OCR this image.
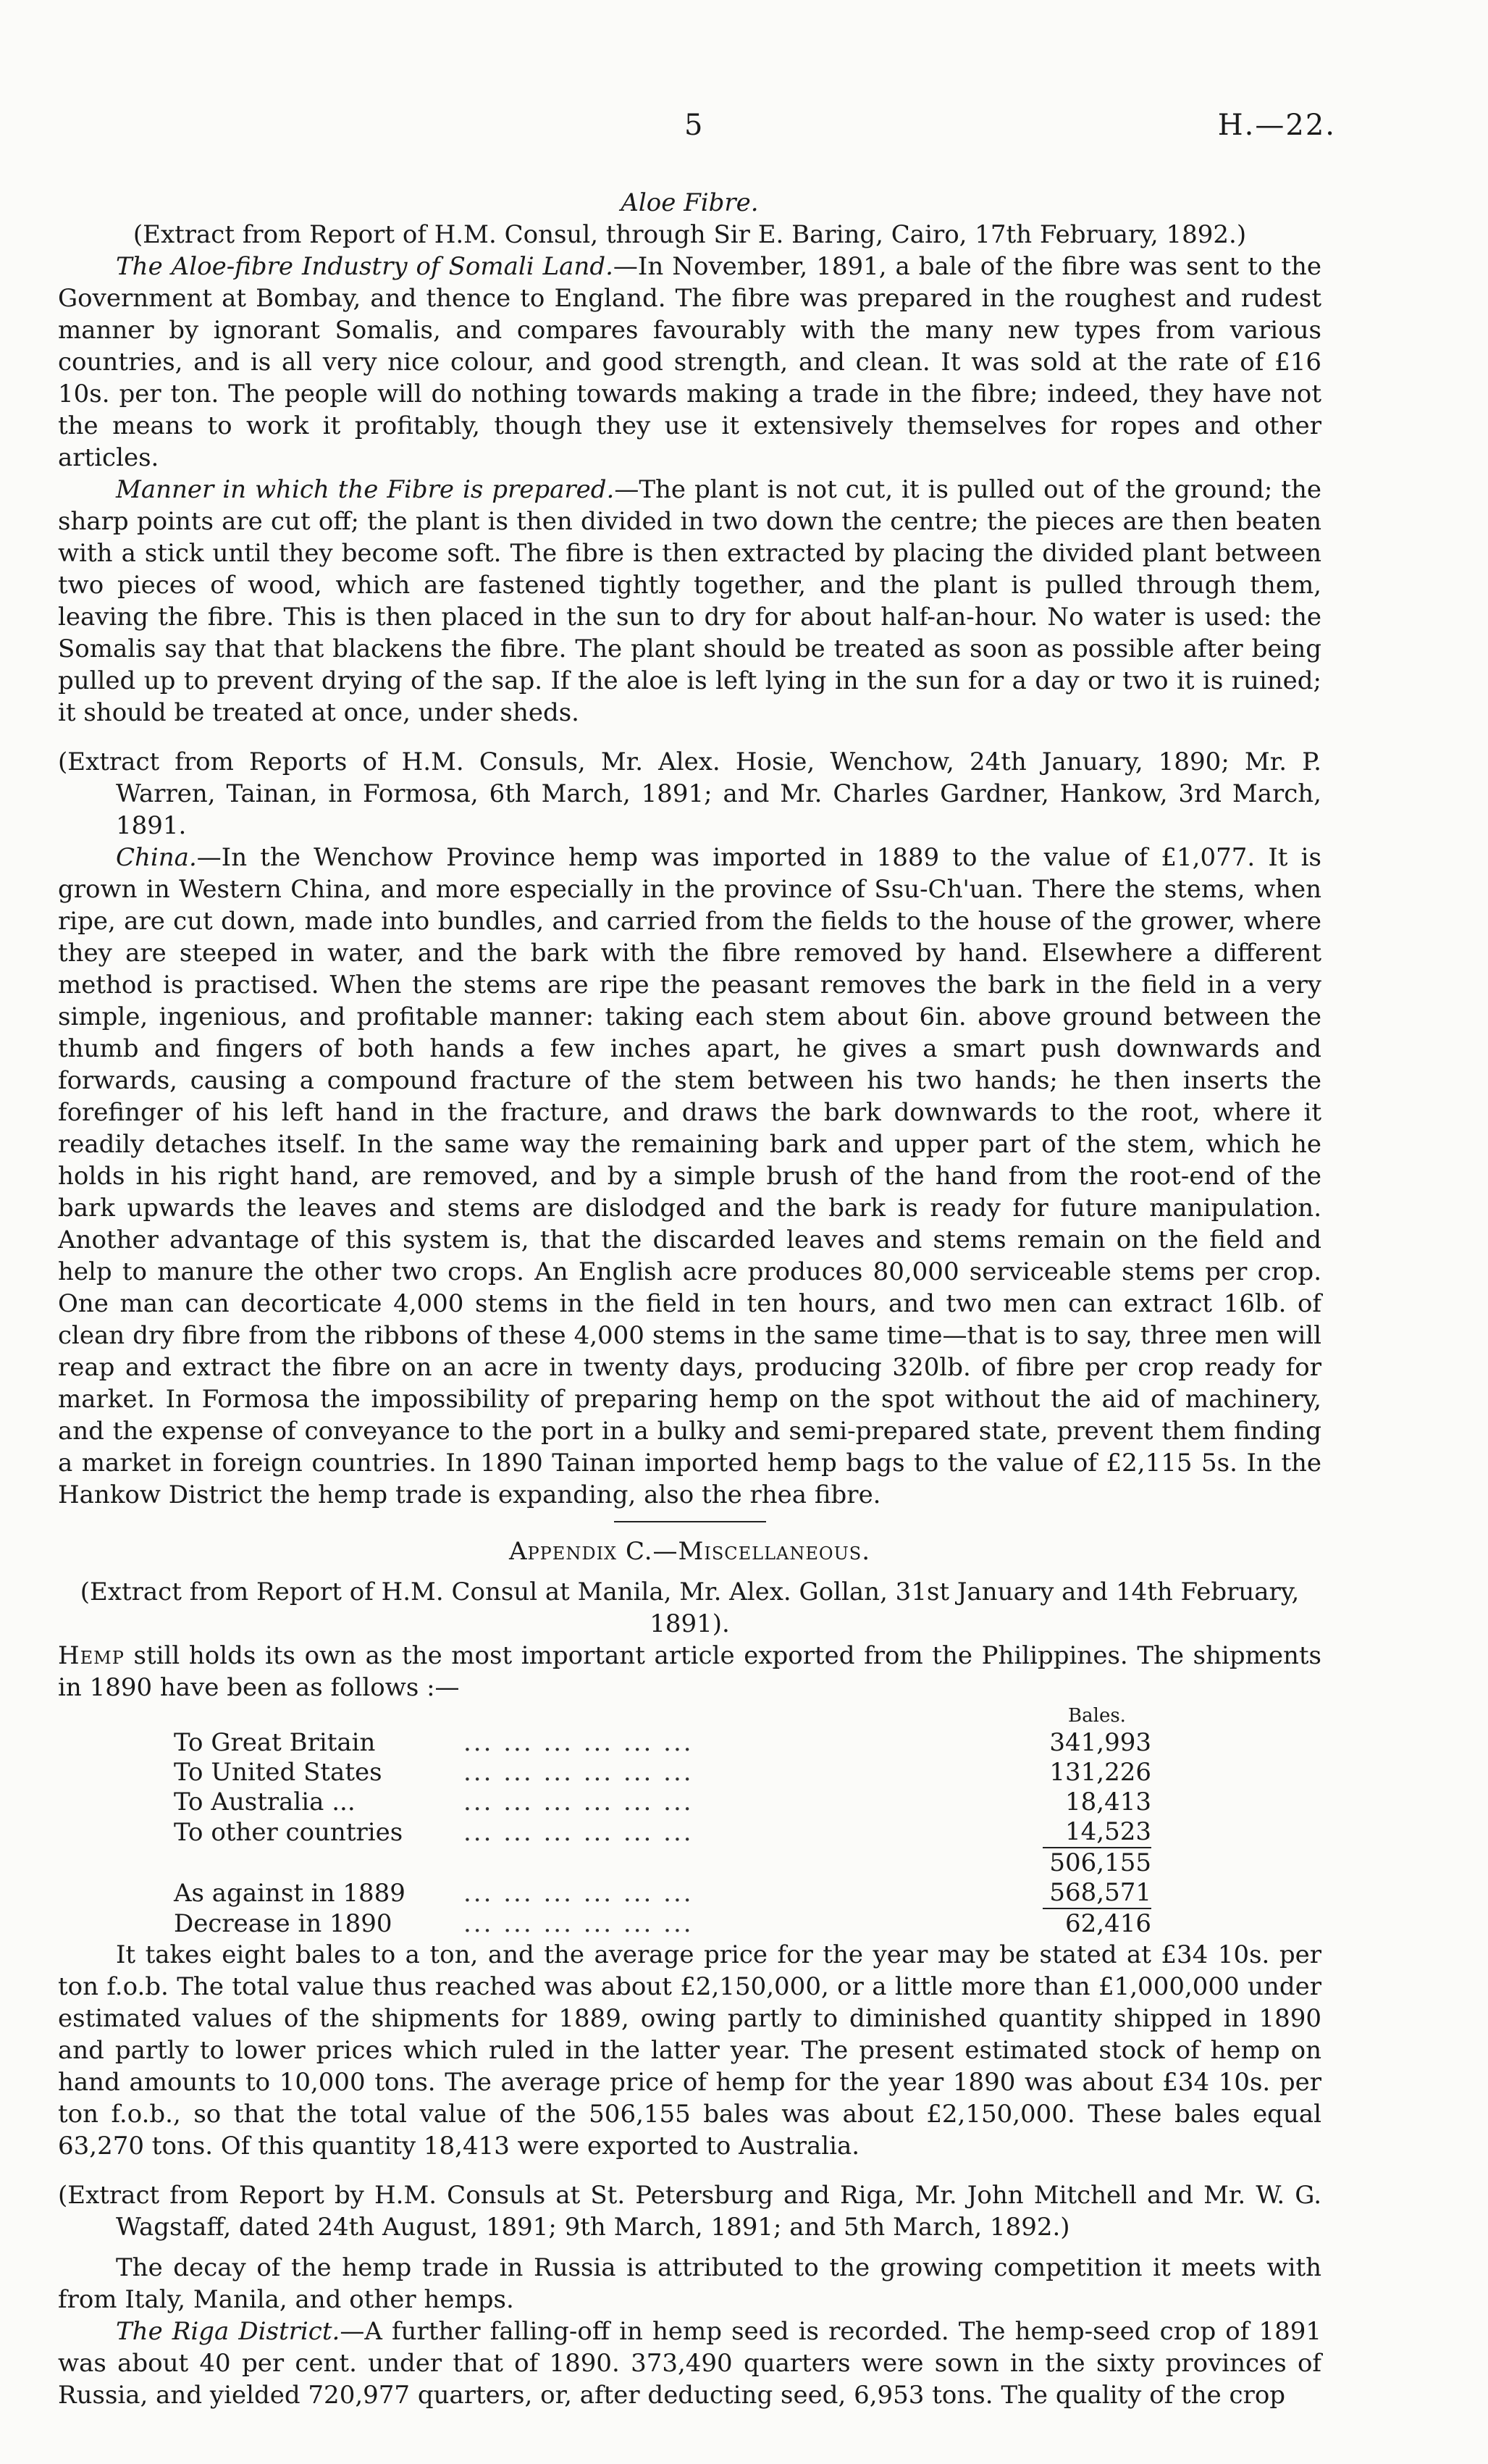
5	H.—22.

Aloe Fibre.

(Extract from Report of H.M. Consul, through Sir E. Baring, Cairo, 17th February, 1892.)

The Aloe-fibre Industry of Somali Land.—In November, 1891, a bale of the fibre was sent to the Government at Bombay, and thence to England. The fibre was prepared in the roughest and rudest manner by ignorant Somalis, and compares favourably with the many new types from various countries, and is all very nice colour, and good strength, and clean. It was sold at the rate of £16 10s. per ton. The people will do nothing towards making a trade in the fibre; indeed, they have not the means to work it profitably, though they use it extensively themselves for ropes and other articles.

Manner in which the Fibre is prepared.—The plant is not cut, it is pulled out of the ground; the sharp points are cut off; the plant is then divided in two down the centre; the pieces are then beaten with a stick until they become soft. The fibre is then extracted by placing the divided plant between two pieces of wood, which are fastened tightly together, and the plant is pulled through them, leaving the fibre. This is then placed in the sun to dry for about half-an-hour. No water is used: the Somalis say that that blackens the fibre. The plant should be treated as soon as possible after being pulled up to prevent drying of the sap. If the aloe is left lying in the sun for a day or two it is ruined; it should be treated at once, under sheds.

(Extract from Reports of H.M. Consuls, Mr. Alex. Hosie, Wenchow, 24th January, 1890; Mr. P. Warren, Tainan, in Formosa, 6th March, 1891; and Mr. Charles Gardner, Hankow, 3rd March, 1891.

China.—In the Wenchow Province hemp was imported in 1889 to the value of £1,077. It is grown in Western China, and more especially in the province of Ssu-Ch'uan. There the stems, when ripe, are cut down, made into bundles, and carried from the fields to the house of the grower, where they are steeped in water, and the bark with the fibre removed by hand. Elsewhere a different method is practised. When the stems are ripe the peasant removes the bark in the field in a very simple, ingenious, and profitable manner: taking each stem about 6in. above ground between the thumb and fingers of both hands a few inches apart, he gives a smart push downwards and forwards, causing a compound fracture of the stem between his two hands; he then inserts the forefinger of his left hand in the fracture, and draws the bark downwards to the root, where it readily detaches itself. In the same way the remaining bark and upper part of the stem, which he holds in his right hand, are removed, and by a simple brush of the hand from the root-end of the bark upwards the leaves and stems are dislodged and the bark is ready for future manipulation. Another advantage of this system is, that the discarded leaves and stems remain on the field and help to manure the other two crops. An English acre produces 80,000 serviceable stems per crop. One man can decorticate 4,000 stems in the field in ten hours, and two men can extract 16lb. of clean dry fibre from the ribbons of these 4,000 stems in the same time—that is to say, three men will reap and extract the fibre on an acre in twenty days, producing 320lb. of fibre per crop ready for market. In Formosa the impossibility of preparing hemp on the spot without the aid of machinery, and the expense of conveyance to the port in a bulky and semi-prepared state, prevent them finding a market in foreign countries. In 1890 Tainan imported hemp bags to the value of £2,115 5s. In the Hankow District the hemp trade is expanding, also the rhea fibre.

Appendix C.—Miscellaneous.

(Extract from Report of H.M. Consul at Manila, Mr. Alex. Gollan, 31st January and 14th February, 1891).

Hemp still holds its own as the most important article exported from the Philippines. The shipments in 1890 have been as follows :—

		Bales.
To Great Britain	... ... ... ... ... ...	341,993
To United States	... ... ... ... ... ...	131,226
To Australia ...	... ... ... ... ... ...	18,413
To other countries	... ... ... ... ... ...	14,523
		506,155
As against in 1889	... ... ... ... ... ...	568,571
Decrease in 1890	... ... ... ... ... ...	62,416

It takes eight bales to a ton, and the average price for the year may be stated at £34 10s. per ton f.o.b. The total value thus reached was about £2,150,000, or a little more than £1,000,000 under estimated values of the shipments for 1889, owing partly to diminished quantity shipped in 1890 and partly to lower prices which ruled in the latter year. The present estimated stock of hemp on hand amounts to 10,000 tons. The average price of hemp for the year 1890 was about £34 10s. per ton f.o.b., so that the total value of the 506,155 bales was about £2,150,000. These bales equal 63,270 tons. Of this quantity 18,413 were exported to Australia.

(Extract from Report by H.M. Consuls at St. Petersburg and Riga, Mr. John Mitchell and Mr. W. G. Wagstaff, dated 24th August, 1891; 9th March, 1891; and 5th March, 1892.)

The decay of the hemp trade in Russia is attributed to the growing competition it meets with from Italy, Manila, and other hemps.

The Riga District.—A further falling-off in hemp seed is recorded. The hemp-seed crop of 1891 was about 40 per cent. under that of 1890. 373,490 quarters were sown in the sixty provinces of Russia, and yielded 720,977 quarters, or, after deducting seed, 6,953 tons. The quality of the crop
